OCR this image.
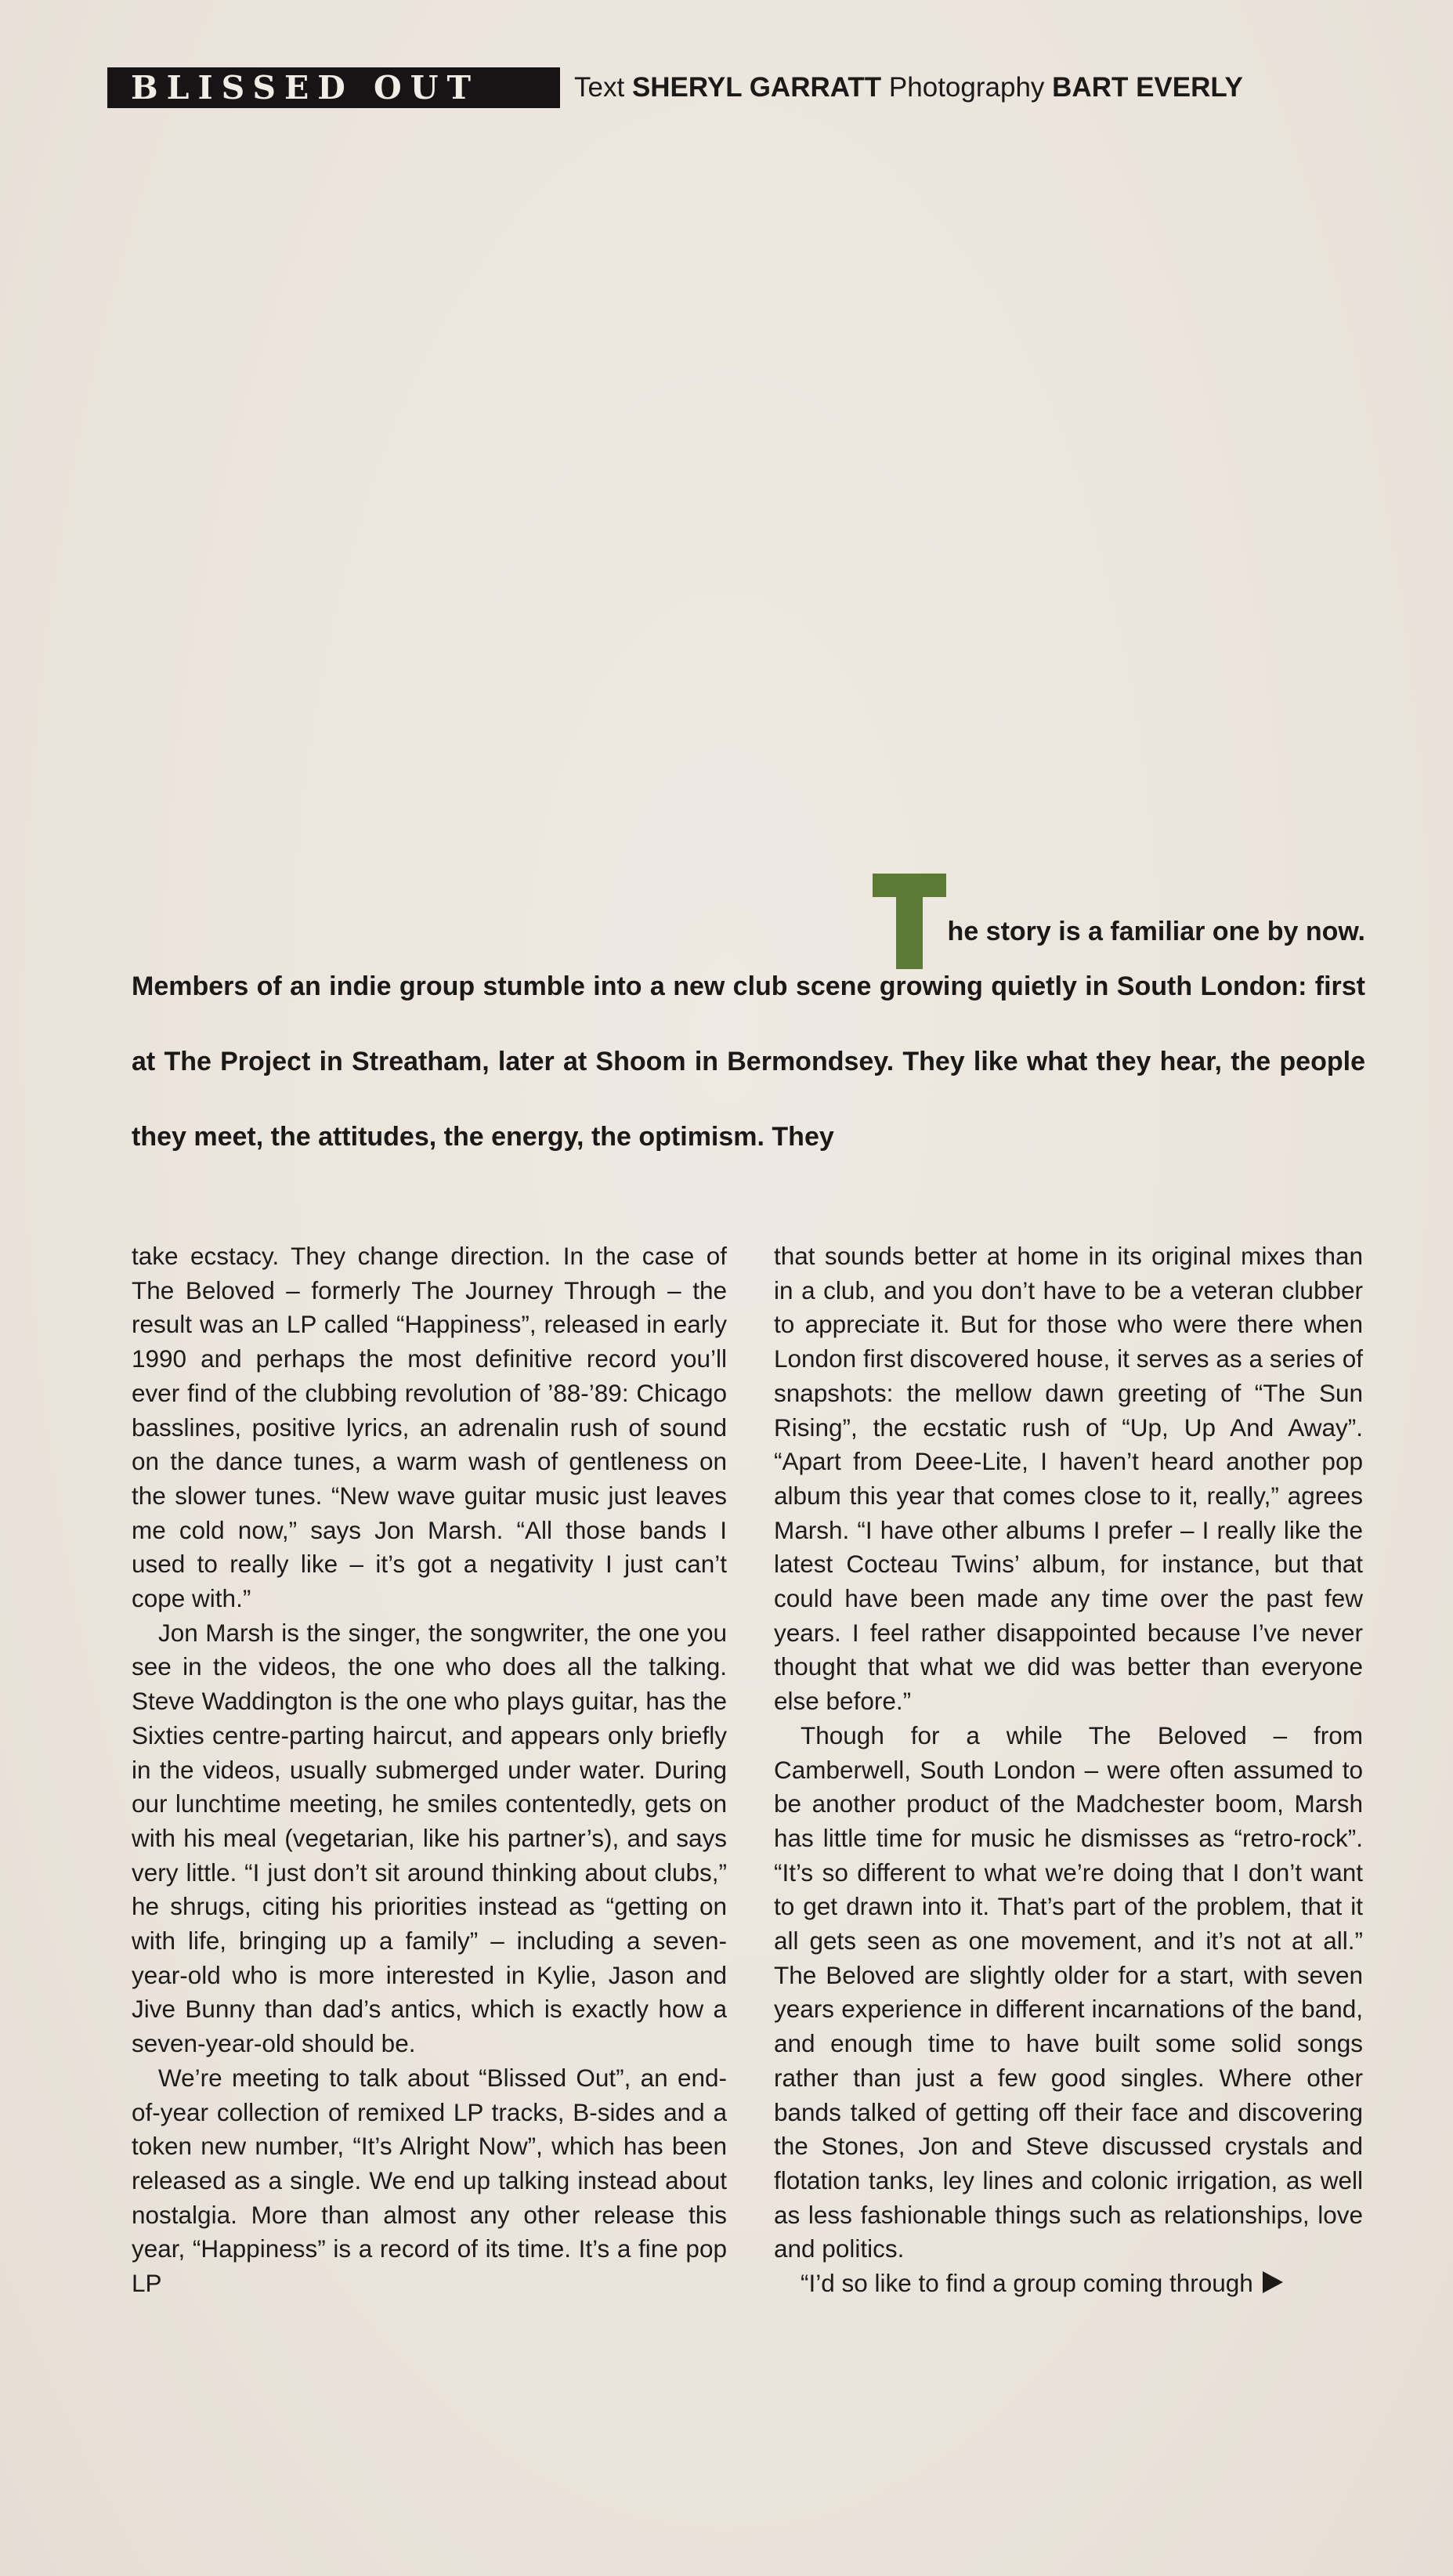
BLISSED OUT	Text SHERYL GARRATT Photography BART EVERLY
he story is a familiar one by now.
Members of an indie group stumble into a new club scene growing quietly in South London: first at The Project in Streatham, later at Shoom in Bermondsey. They like what they hear, the people they meet, the attitudes, the energy, the optimism. They

take ecstacy. They change direction. In the case of The Beloved – formerly The Journey Through – the result was an LP called “Happiness”, released in early 1990 and perhaps the most definitive record you’ll ever find of the clubbing revolution of ’88-’89: Chicago basslines, positive lyrics, an adrenalin rush of sound on the dance tunes, a warm wash of gentleness on the slower tunes. “New wave guitar music just leaves me cold now,” says Jon Marsh. “All those bands I used to really like – it’s got a negativity I just can’t cope with.”

Jon Marsh is the singer, the songwriter, the one you see in the videos, the one who does all the talking. Steve Waddington is the one who plays guitar, has the Sixties centre-parting haircut, and appears only briefly in the videos, usually submerged under water. During our lunchtime meeting, he smiles contentedly, gets on with his meal (vegetarian, like his partner’s), and says very little. “I just don’t sit around thinking about clubs,” he shrugs, citing his priorities instead as “getting on with life, bringing up a family” – including a seven-year-old who is more interested in Kylie, Jason and Jive Bunny than dad’s antics, which is exactly how a seven-year-old should be.

We’re meeting to talk about “Blissed Out”, an end-of-year collection of remixed LP tracks, B-sides and a token new number, “It’s Alright Now”, which has been released as a single. We end up talking instead about nostalgia. More than almost any other release this year, “Happiness” is a record of its time. It’s a fine pop LP

that sounds better at home in its original mixes than in a club, and you don’t have to be a veteran clubber to appreciate it. But for those who were there when London first discovered house, it serves as a series of snapshots: the mellow dawn greeting of “The Sun Rising”, the ecstatic rush of “Up, Up And Away”. “Apart from Deee-Lite, I haven’t heard another pop album this year that comes close to it, really,” agrees Marsh. “I have other albums I prefer – I really like the latest Cocteau Twins’ album, for instance, but that could have been made any time over the past few years. I feel rather disappointed because I’ve never thought that what we did was better than everyone else before.”

Though for a while The Beloved – from Camberwell, South London – were often assumed to be another product of the Madchester boom, Marsh has little time for music he dismisses as “retro-rock”. “It’s so different to what we’re doing that I don’t want to get drawn into it. That’s part of the problem, that it all gets seen as one movement, and it’s not at all.” The Beloved are slightly older for a start, with seven years experience in different incarnations of the band, and enough time to have built some solid songs rather than just a few good singles. Where other bands talked of getting off their face and discovering the Stones, Jon and Steve discussed crystals and flotation tanks, ley lines and colonic irrigation, as well as less fashionable things such as relationships, love and politics.

“I’d so like to find a group coming through
